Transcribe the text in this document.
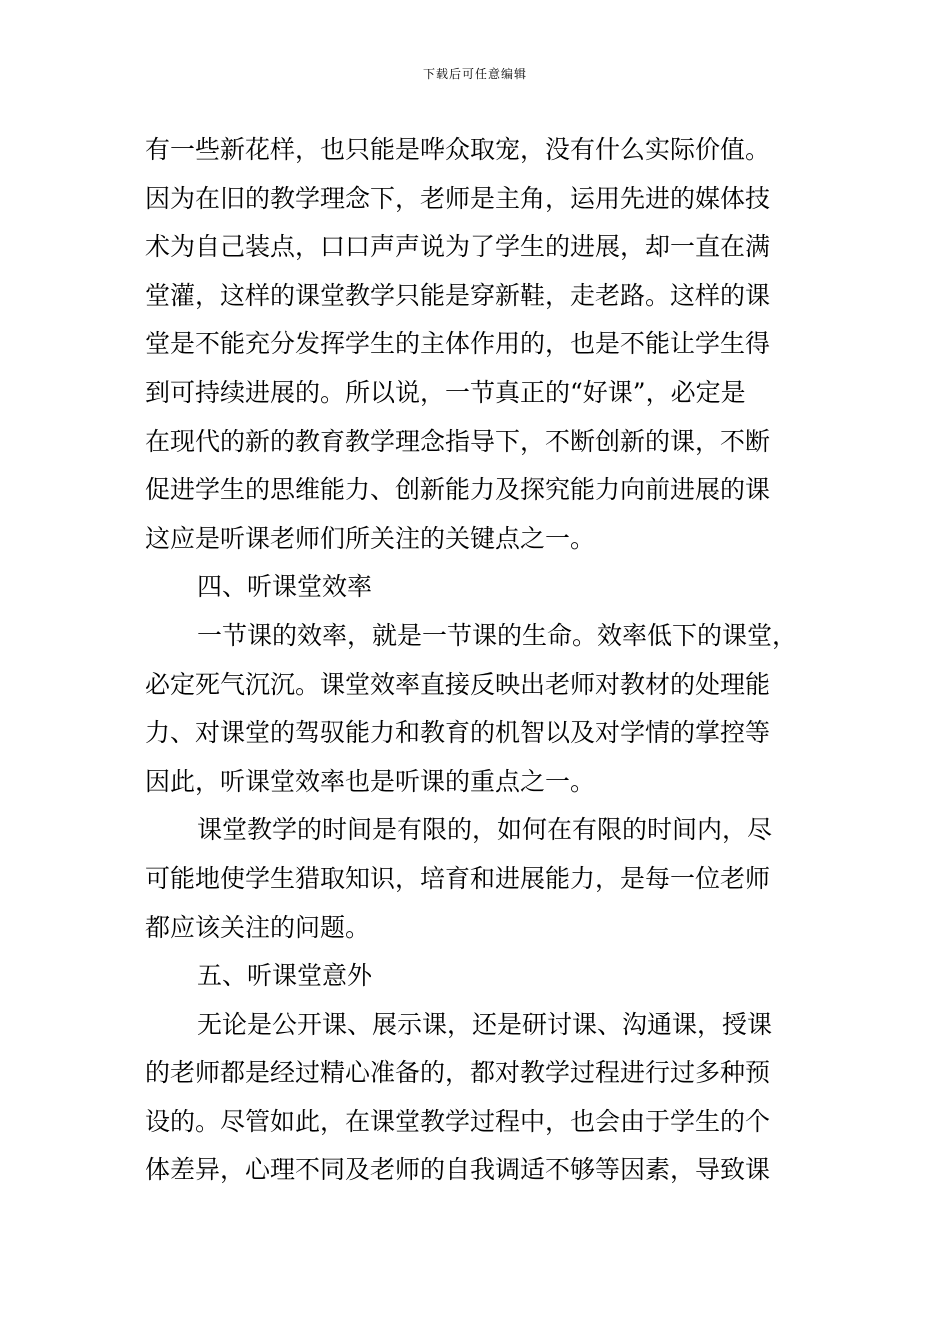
下载后可任意编辑
有一些新花样，也只能是哗众取宠，没有什么实际价值。
因为在旧的教学理念下，老师是主角，运用先进的媒体技
术为自己装点，口口声声说为了学生的进展，却一直在满
堂灌，这样的课堂教学只能是穿新鞋，走老路。这样的课
堂是不能充分发挥学生的主体作用的，也是不能让学生得
到可持续进展的。所以说，一节真正的“好课”，必定是
在现代的新的教育教学理念指导下，不断创新的课，不断
促进学生的思维能力、创新能力及探究能力向前进展的课
这应是听课老师们所关注的关键点之一。
四、听课堂效率
一节课的效率，就是一节课的生命。效率低下的课堂，
必定死气沉沉。课堂效率直接反映出老师对教材的处理能
力、对课堂的驾驭能力和教育的机智以及对学情的掌控等
因此，听课堂效率也是听课的重点之一。
课堂教学的时间是有限的，如何在有限的时间内，尽
可能地使学生猎取知识，培育和进展能力，是每一位老师
都应该关注的问题。
五、听课堂意外
无论是公开课、展示课，还是研讨课、沟通课，授课
的老师都是经过精心准备的，都对教学过程进行过多种预
设的。尽管如此，在课堂教学过程中，也会由于学生的个
体差异，心理不同及老师的自我调适不够等因素，导致课
